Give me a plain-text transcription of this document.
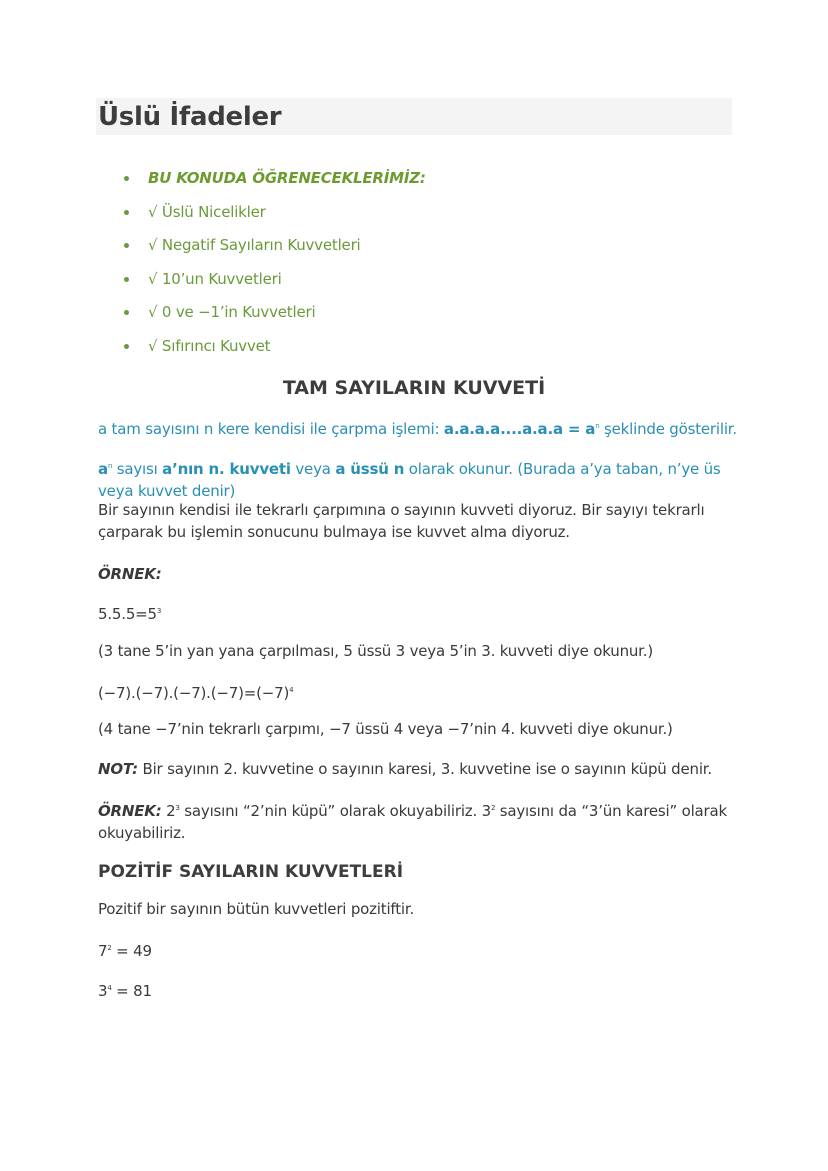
Üslü İfadeler
BU KONUDA ÖĞRENECEKLERİMİZ:
√ Üslü Nicelikler
√ Negatif Sayıların Kuvvetleri
√ 10’un Kuvvetleri
√ 0 ve −1’in Kuvvetleri
√ Sıfırıncı Kuvvet
TAM SAYILARIN KUVVETİ

a tam sayısını n kere kendisi ile çarpma işlemi: $a.a.a.a....a.a.a = a^n$ şeklinde gösterilir.

$a^n$ sayısı a’nın n. kuvveti veya a üssü n olarak okunur. (Burada a’ya taban, n’ye üs veya kuvvet denir)

Bir sayının kendisi ile tekrarlı çarpımına o sayının kuvveti diyoruz. Bir sayıyı tekrarlı çarparak bu işlemin sonucunu bulmaya ise kuvvet alma diyoruz.

ÖRNEK:

$5.5.5=5^3$

(3 tane 5’in yan yana çarpılması, 5 üssü 3 veya 5’in 3. kuvveti diye okunur.)

$(-7).(-7).(-7).(-7)=(-7)^4$

(4 tane −7’nin tekrarlı çarpımı, −7 üssü 4 veya −7’nin 4. kuvveti diye okunur.)

NOT: Bir sayının 2. kuvvetine o sayının karesi, 3. kuvvetine ise o sayının küpü denir.

ÖRNEK: $2^3$ sayısını “2’nin küpü” olarak okuyabiliriz. $3^2$ sayısını da “3’ün karesi” olarak okuyabiliriz.

POZİTİF SAYILARIN KUVVETLERİ

Pozitif bir sayının bütün kuvvetleri pozitiftir.

$7^2 = 49$

$3^4 = 81$
